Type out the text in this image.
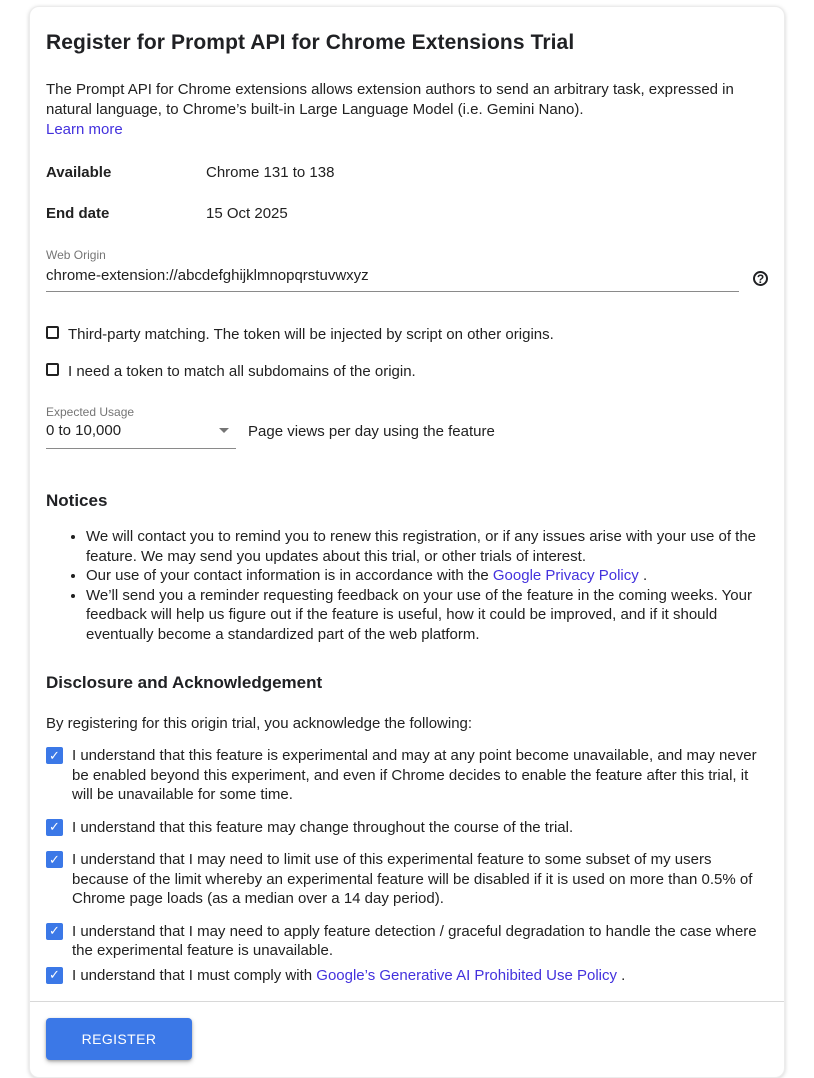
Register for Prompt API for Chrome Extensions Trial
The Prompt API for Chrome extensions allows extension authors to send an arbitrary task, expressed in natural language, to Chrome’s built-in Large Language Model (i.e. Gemini Nano).
Learn more
Available	Chrome 131 to 138
End date	15 Oct 2025
Web Origin
chrome-extension://abcdefghijklmnopqrstuvwxyz
?
Third-party matching. The token will be injected by script on other origins.
I need a token to match all subdomains of the origin.
Expected Usage
0 to 10,000	Page views per day using the feature
Notices
• We will contact you to remind you to renew this registration, or if any issues arise with your use of the feature. We may send you updates about this trial, or other trials of interest.
• Our use of your contact information is in accordance with the Google Privacy Policy .
• We’ll send you a reminder requesting feedback on your use of the feature in the coming weeks. Your feedback will help us figure out if the feature is useful, how it could be improved, and if it should eventually become a standardized part of the web platform.
Disclosure and Acknowledgement
By registering for this origin trial, you acknowledge the following:
✓ I understand that this feature is experimental and may at any point become unavailable, and may never be enabled beyond this experiment, and even if Chrome decides to enable the feature after this trial, it will be unavailable for some time.
✓ I understand that this feature may change throughout the course of the trial.
✓ I understand that I may need to limit use of this experimental feature to some subset of my users because of the limit whereby an experimental feature will be disabled if it is used on more than 0.5% of Chrome page loads (as a median over a 14 day period).
✓ I understand that I may need to apply feature detection / graceful degradation to handle the case where the experimental feature is unavailable.
✓ I understand that I must comply with Google’s Generative AI Prohibited Use Policy .
REGISTER
